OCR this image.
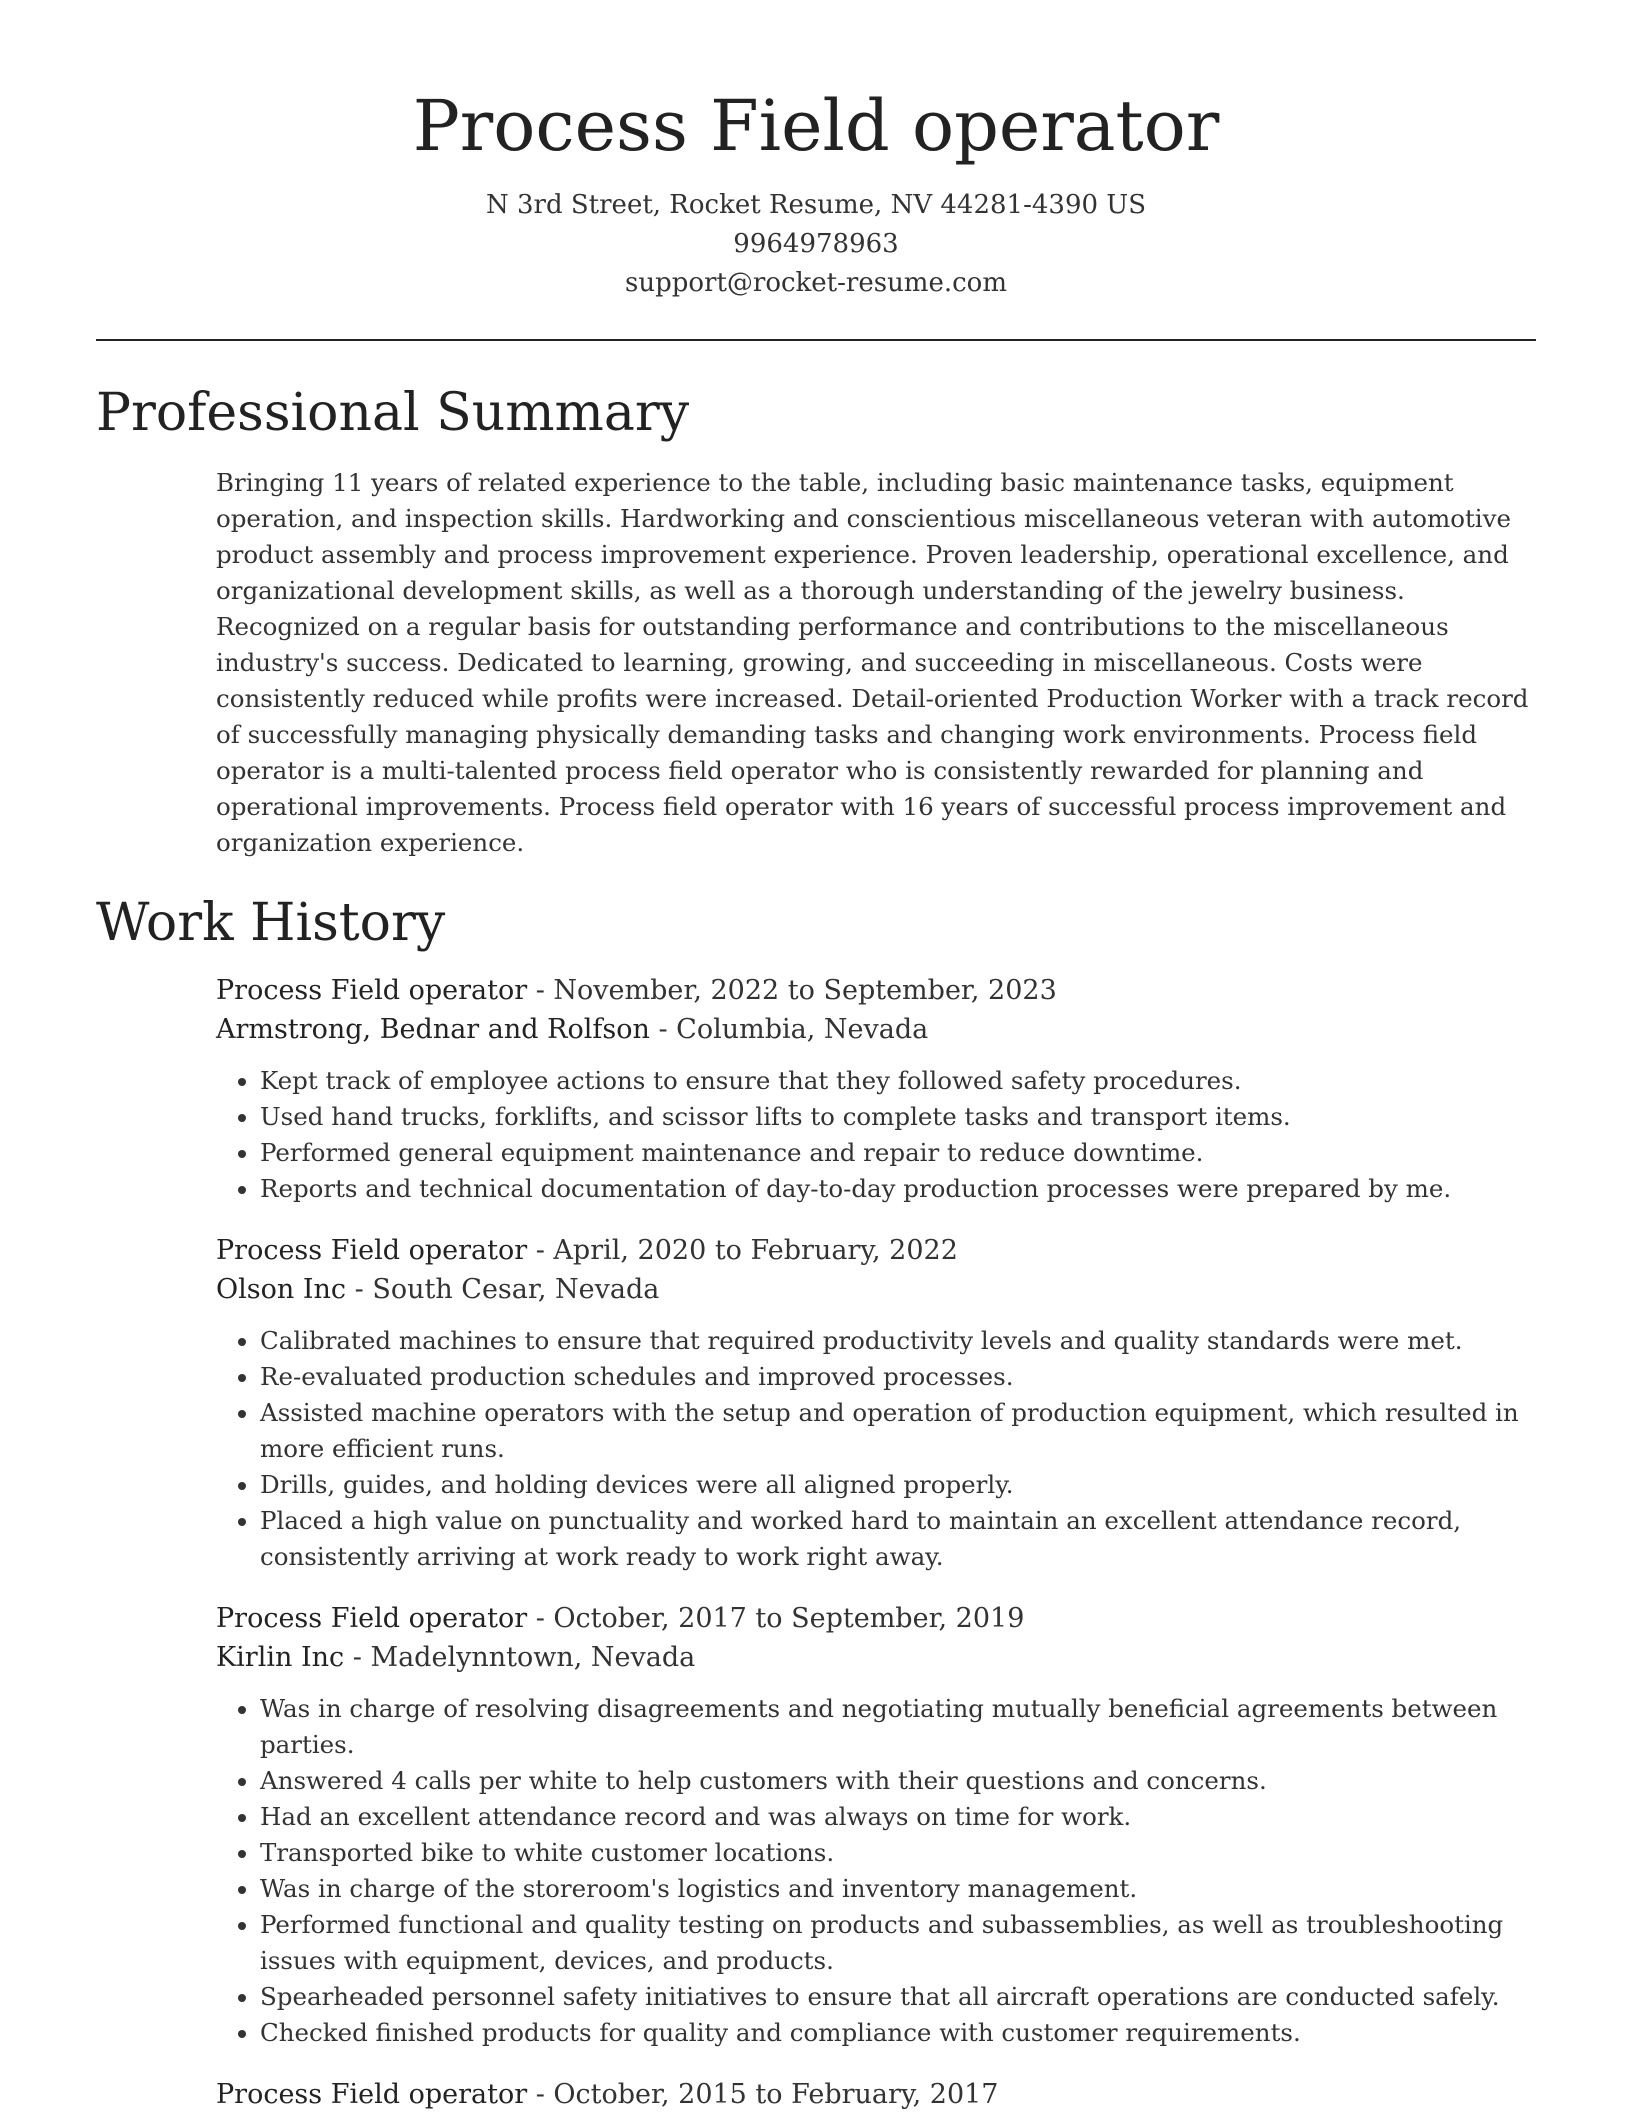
Process Field operator
N 3rd Street, Rocket Resume, NV 44281-4390 US
9964978963
support@rocket-resume.com
Professional Summary

Bringing 11 years of related experience to the table, including basic maintenance tasks, equipment operation, and inspection skills. Hardworking and conscientious miscellaneous veteran with automotive product assembly and process improvement experience. Proven leadership, operational excellence, and organizational development skills, as well as a thorough understanding of the jewelry business. Recognized on a regular basis for outstanding performance and contributions to the miscellaneous industry's success. Dedicated to learning, growing, and succeeding in miscellaneous. Costs were consistently reduced while profits were increased. Detail-oriented Production Worker with a track record of successfully managing physically demanding tasks and changing work environments. Process field operator is a multi-talented process field operator who is consistently rewarded for planning and operational improvements. Process field operator with 16 years of successful process improvement and organization experience.

Work History
Process Field operator - November, 2022 to September, 2023
Armstrong, Bednar and Rolfson - Columbia, Nevada
• Kept track of employee actions to ensure that they followed safety procedures.
• Used hand trucks, forklifts, and scissor lifts to complete tasks and transport items.
• Performed general equipment maintenance and repair to reduce downtime.
• Reports and technical documentation of day-to-day production processes were prepared by me.
Process Field operator - April, 2020 to February, 2022
Olson Inc - South Cesar, Nevada
• Calibrated machines to ensure that required productivity levels and quality standards were met.
• Re-evaluated production schedules and improved processes.
• Assisted machine operators with the setup and operation of production equipment, which resulted in more efficient runs.
• Drills, guides, and holding devices were all aligned properly.
• Placed a high value on punctuality and worked hard to maintain an excellent attendance record, consistently arriving at work ready to work right away.
Process Field operator - October, 2017 to September, 2019
Kirlin Inc - Madelynntown, Nevada
• Was in charge of resolving disagreements and negotiating mutually beneficial agreements between parties.
• Answered 4 calls per white to help customers with their questions and concerns.
• Had an excellent attendance record and was always on time for work.
• Transported bike to white customer locations.
• Was in charge of the storeroom's logistics and inventory management.
• Performed functional and quality testing on products and subassemblies, as well as troubleshooting issues with equipment, devices, and products.
• Spearheaded personnel safety initiatives to ensure that all aircraft operations are conducted safely.
• Checked finished products for quality and compliance with customer requirements.
Process Field operator - October, 2015 to February, 2017
